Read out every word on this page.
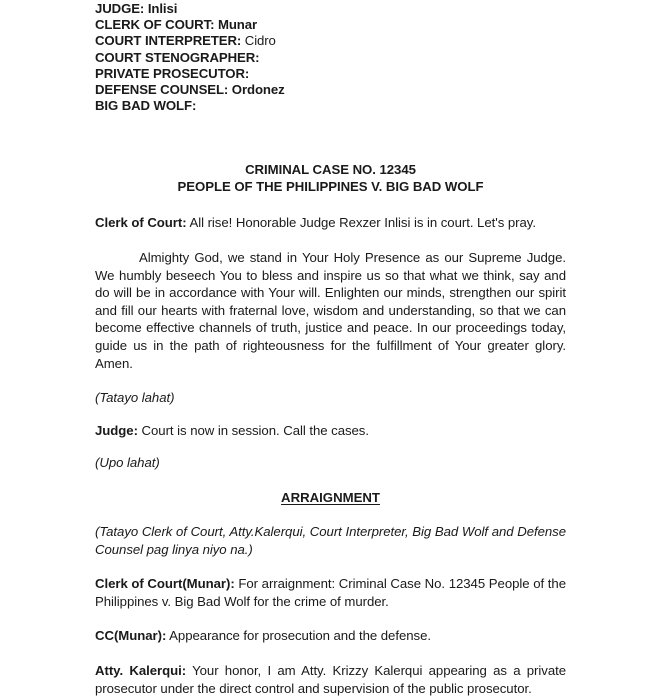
JUDGE: Inlisi
CLERK OF COURT: Munar
COURT INTERPRETER: Cidro
COURT STENOGRAPHER:
PRIVATE PROSECUTOR:
DEFENSE COUNSEL: Ordonez
BIG BAD WOLF:
CRIMINAL CASE NO. 12345
PEOPLE OF THE PHILIPPINES V. BIG BAD WOLF

Clerk of Court: All rise! Honorable Judge Rexzer Inlisi is in court. Let's pray.

Almighty God, we stand in Your Holy Presence as our Supreme Judge. We humbly beseech You to bless and inspire us so that what we think, say and do will be in accordance with Your will. Enlighten our minds, strengthen our spirit and fill our hearts with fraternal love, wisdom and understanding, so that we can become effective channels of truth, justice and peace. In our proceedings today, guide us in the path of righteousness for the fulfillment of Your greater glory. Amen.

(Tatayo lahat)

Judge: Court is now in session. Call the cases.

(Upo lahat)

ARRAIGNMENT

(Tatayo Clerk of Court, Atty.Kalerqui, Court Interpreter, Big Bad Wolf and Defense Counsel pag linya niyo na.)

Clerk of Court(Munar): For arraignment: Criminal Case No. 12345 People of the Philippines v. Big Bad Wolf for the crime of murder.

CC(Munar): Appearance for prosecution and the defense.

Atty. Kalerqui: Your honor, I am Atty. Krizzy Kalerqui appearing as a private prosecutor under the direct control and supervision of the public prosecutor.
